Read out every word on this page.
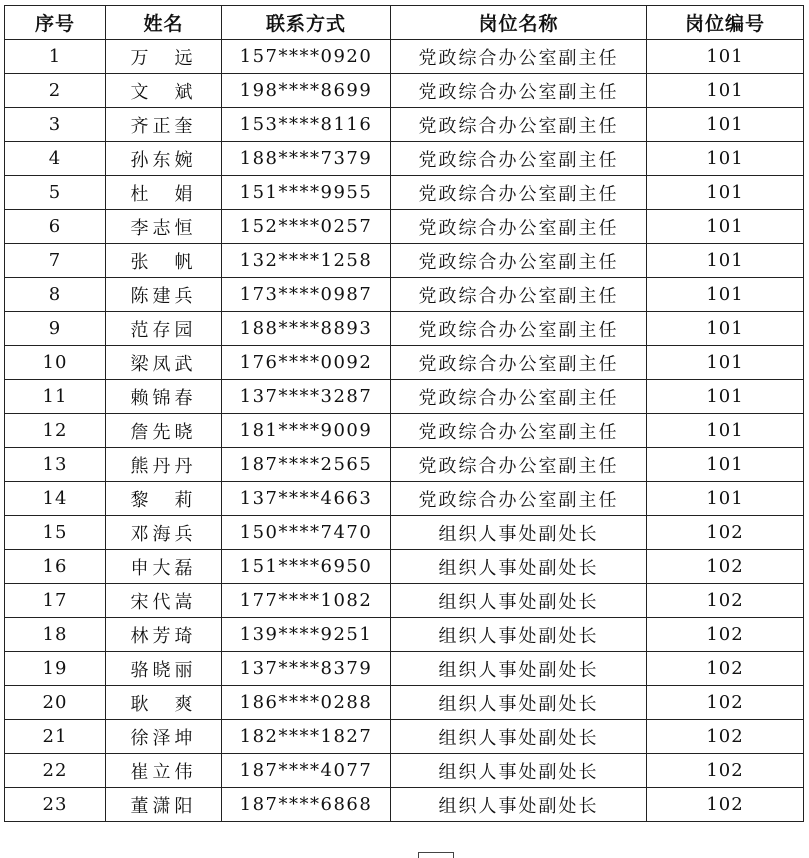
序号	姓名	联系方式	岗位名称	岗位编号
1	万　远	157****0920	党政综合办公室副主任	101
2	文　斌	198****8699	党政综合办公室副主任	101
3	齐正奎	153****8116	党政综合办公室副主任	101
4	孙东婉	188****7379	党政综合办公室副主任	101
5	杜　娟	151****9955	党政综合办公室副主任	101
6	李志恒	152****0257	党政综合办公室副主任	101
7	张　帆	132****1258	党政综合办公室副主任	101
8	陈建兵	173****0987	党政综合办公室副主任	101
9	范存园	188****8893	党政综合办公室副主任	101
10	梁凤武	176****0092	党政综合办公室副主任	101
11	赖锦春	137****3287	党政综合办公室副主任	101
12	詹先晓	181****9009	党政综合办公室副主任	101
13	熊丹丹	187****2565	党政综合办公室副主任	101
14	黎　莉	137****4663	党政综合办公室副主任	101
15	邓海兵	150****7470	组织人事处副处长	102
16	申大磊	151****6950	组织人事处副处长	102
17	宋代嵩	177****1082	组织人事处副处长	102
18	林芳琦	139****9251	组织人事处副处长	102
19	骆晓丽	137****8379	组织人事处副处长	102
20	耿　爽	186****0288	组织人事处副处长	102
21	徐泽坤	182****1827	组织人事处副处长	102
22	崔立伟	187****4077	组织人事处副处长	102
23	董潇阳	187****6868	组织人事处副处长	102
